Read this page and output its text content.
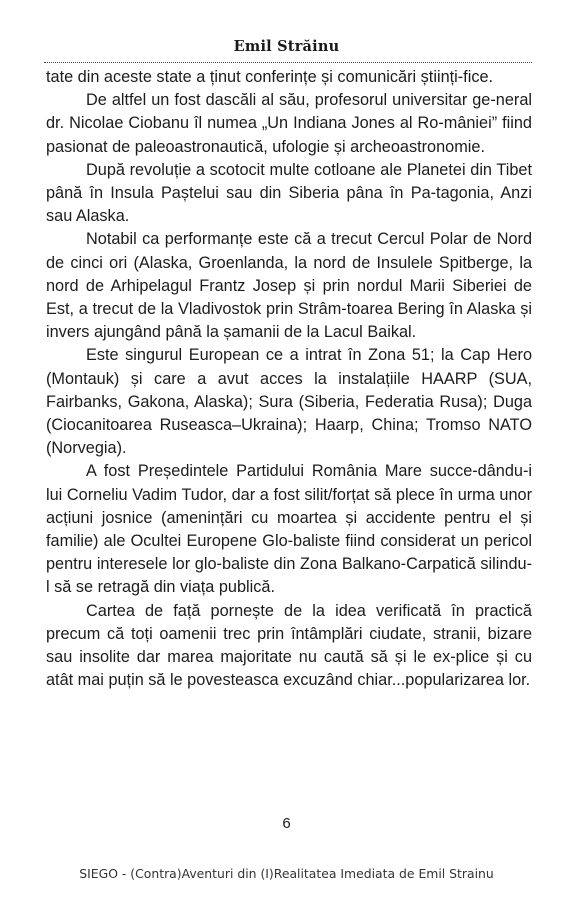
Emil Străinu

tate din aceste state a ținut conferințe și comunicări științi-fice.

De altfel un fost dascăli al său, profesorul universitar ge-neral dr. Nicolae Ciobanu îl numea „Un Indiana Jones al Ro-mâniei” fiind pasionat de paleoastronautică, ufologie și archeoastronomie.

După revoluție a scotocit multe cotloane ale Planetei din Tibet până în Insula Paștelui sau din Siberia pâna în Pa-tagonia, Anzi sau Alaska.

Notabil ca performanțe este că a trecut Cercul Polar de Nord de cinci ori (Alaska, Groenlanda, la nord de Insulele Spitberge, la nord de Arhipelagul Frantz Josep și prin nordul Marii Siberiei de Est, a trecut de la Vladivostok prin Strâm-toarea Bering în Alaska și invers ajungând până la șamanii de la Lacul Baikal.

Este singurul European ce a intrat în Zona 51; la Cap Hero (Montauk) și care a avut acces la instalațiile HAARP (SUA, Fairbanks, Gakona, Alaska); Sura (Siberia, Federatia Rusa); Duga (Ciocanitoarea Ruseasca–Ukraina); Haarp, China; Tromso NATO (Norvegia).

A fost Președintele Partidului România Mare succe-dându-i lui Corneliu Vadim Tudor, dar a fost silit/forțat să plece în urma unor acțiuni josnice (amenințări cu moartea și accidente pentru el și familie) ale Ocultei Europene Glo-baliste fiind considerat un pericol pentru interesele lor glo-baliste din Zona Balkano-Carpatică silindu-l să se retragă din viața publică.

Cartea de față pornește de la idea verificată în practică precum că toți oamenii trec prin întâmplări ciudate, stranii, bizare sau insolite dar marea majoritate nu caută să și le ex-plice și cu atât mai puțin să le povesteasca excuzând chiar...popularizarea lor.

6
SIEGO - (Contra)Aventuri din (I)Realitatea Imediata de Emil Strainu
